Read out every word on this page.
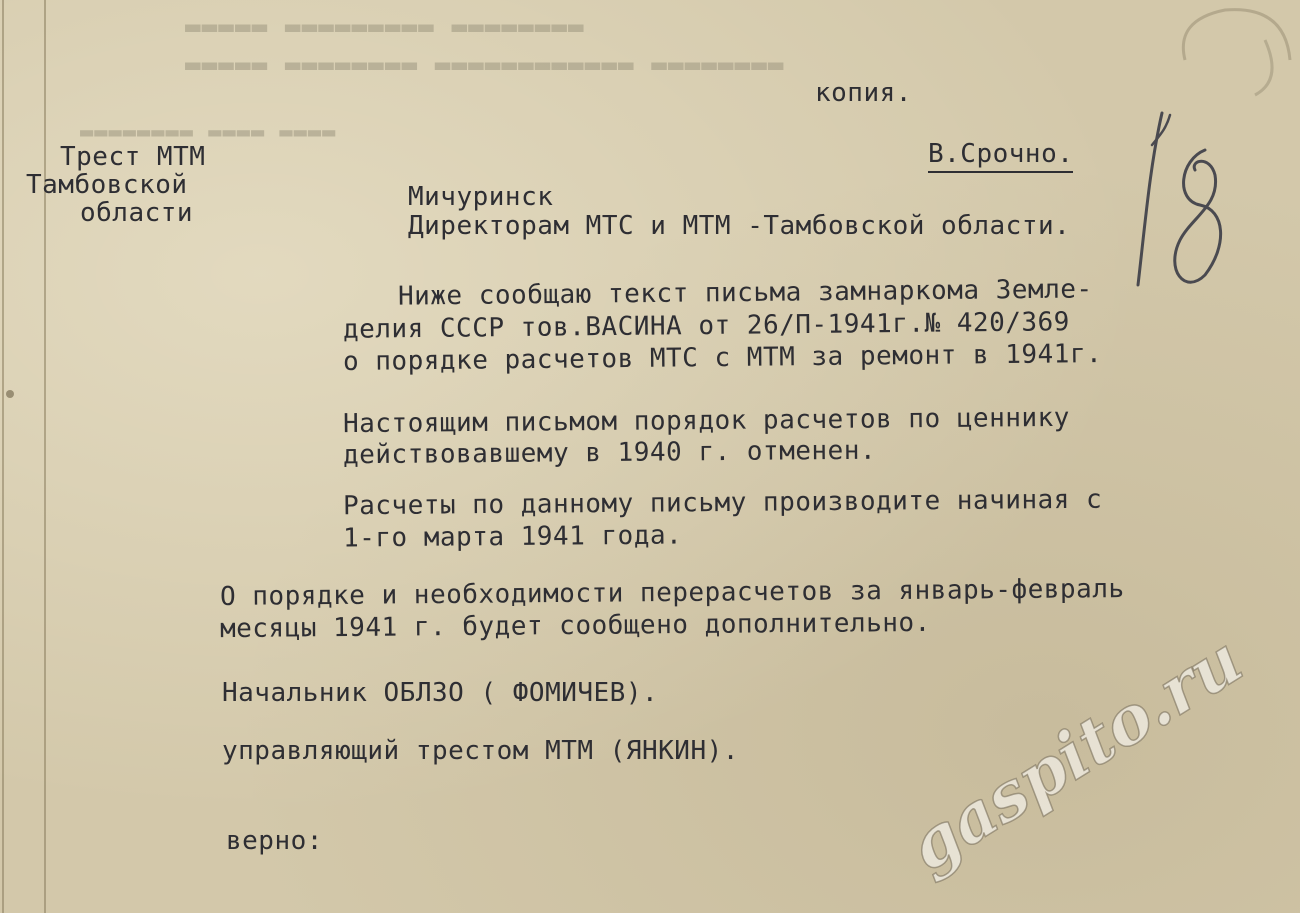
▬▬▬▬▬ ▬▬▬▬▬▬▬▬▬ ▬▬▬▬▬▬▬▬
▬▬▬▬▬ ▬▬▬▬▬▬▬▬ ▬▬▬▬▬▬▬▬▬▬▬▬ ▬▬▬▬▬▬▬▬
▬▬▬▬▬▬▬▬ ▬▬▬▬ ▬▬▬▬
копия.
Трест МТМ
Тамбовской
области
В.Срочно.
Мичуринск
Директорам МТС и МТМ -Тамбовской области.
Ниже сообщаю текст письма замнаркома Земле-
делия СССР тов.ВАСИНА от 26/П-1941г.№ 420/369
о порядке расчетов МТС с МТМ за ремонт в 1941г.
Настоящим письмом порядок расчетов по ценнику
действовавшему в 1940 г. отменен.
Расчеты по данному письму производите начиная с
1-го марта 1941 года.
О порядке и необходимости перерасчетов за январь-февраль
месяцы 1941 г. будет сообщено дополнительно.
Начальник ОБЛЗО ( ФОМИЧЕВ).
управляющий трестом МТМ (ЯНКИН).
верно:	gaspito.ru
